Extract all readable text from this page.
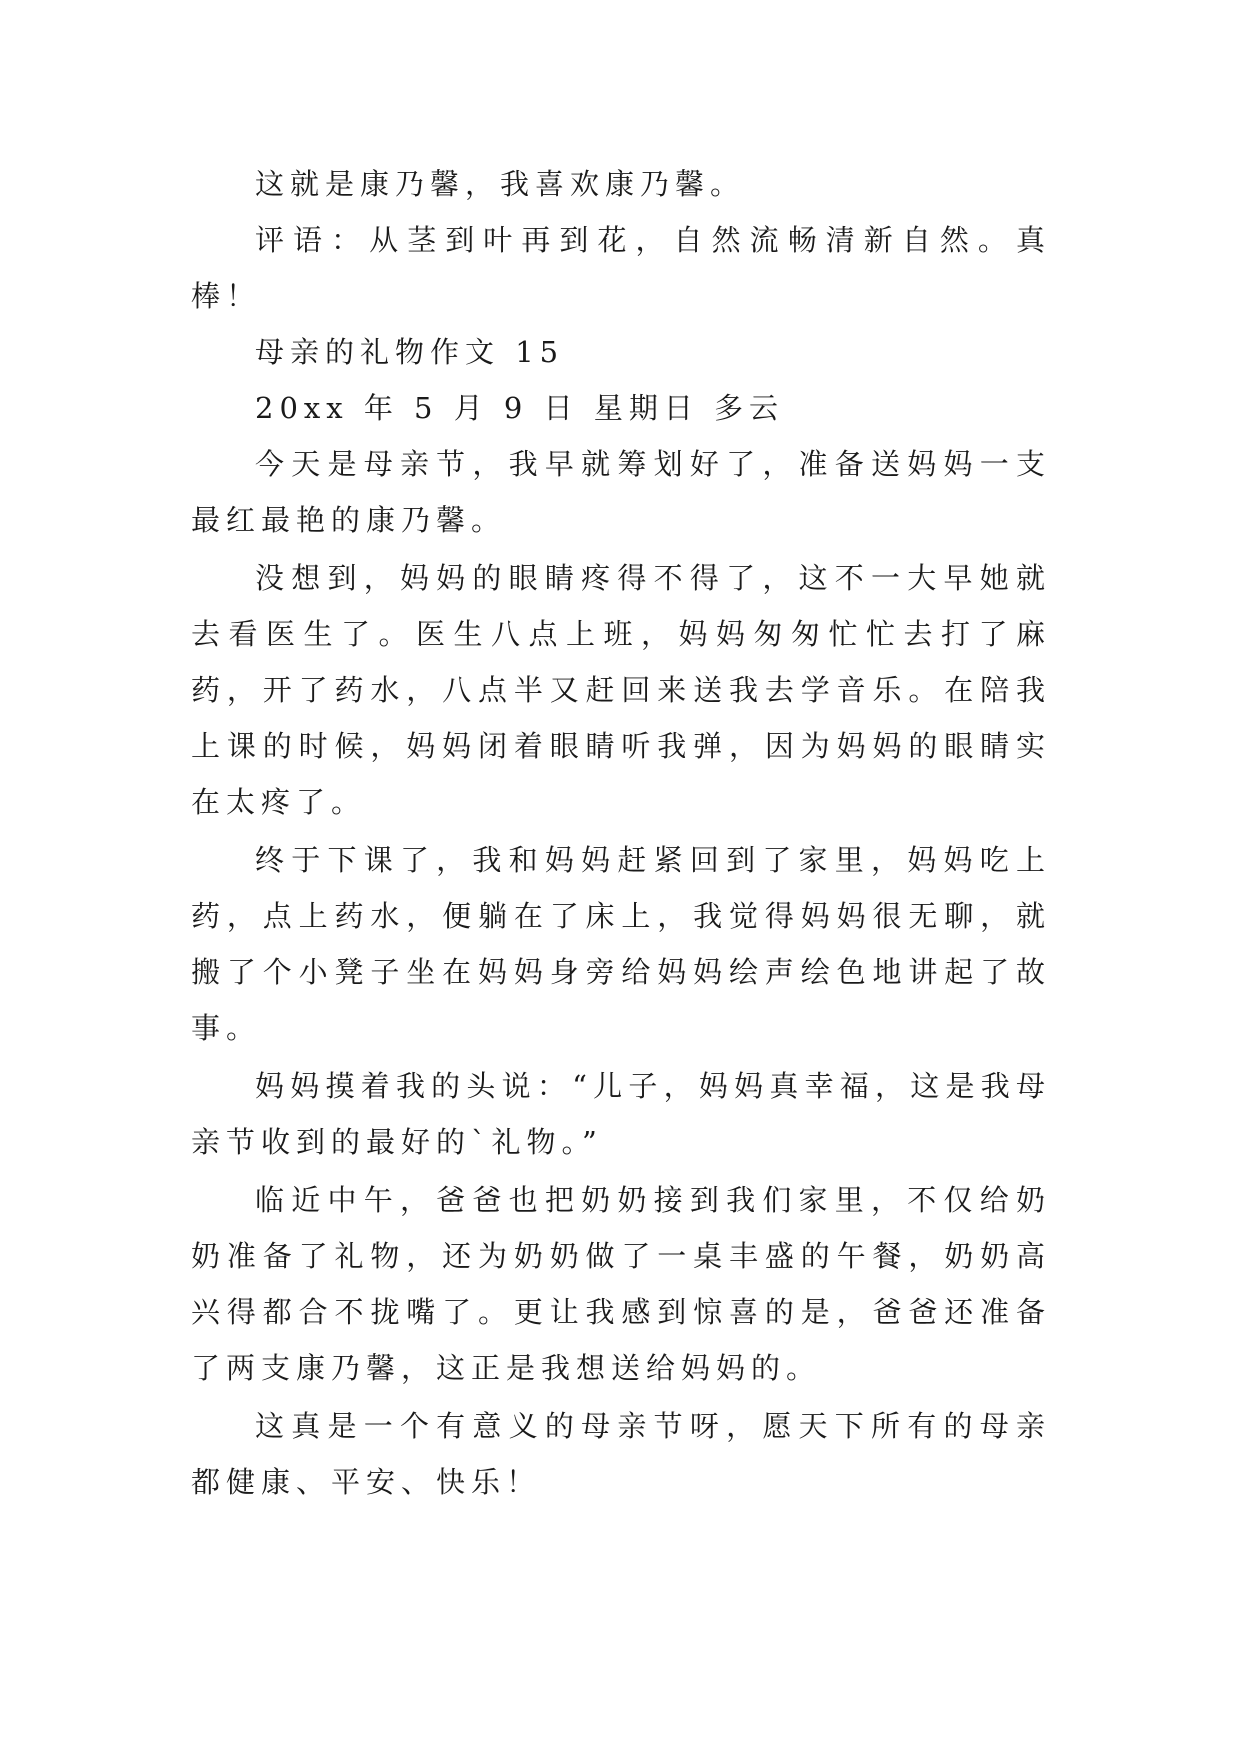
这就是康乃馨，我喜欢康乃馨。

评语：从茎到叶再到花，自然流畅清新自然。真棒！

母亲的礼物作文 15

20xx 年 5 月 9 日 星期日 多云

今天是母亲节，我早就筹划好了，准备送妈妈一支最红最艳的康乃馨。

没想到，妈妈的眼睛疼得不得了，这不一大早她就去看医生了。医生八点上班，妈妈匆匆忙忙去打了麻药，开了药水，八点半又赶回来送我去学音乐。在陪我上课的时候，妈妈闭着眼睛听我弹，因为妈妈的眼睛实在太疼了。

终于下课了，我和妈妈赶紧回到了家里，妈妈吃上药，点上药水，便躺在了床上，我觉得妈妈很无聊，就搬了个小凳子坐在妈妈身旁给妈妈绘声绘色地讲起了故事。

妈妈摸着我的头说：“儿子，妈妈真幸福，这是我母亲节收到的最好的`礼物。”

临近中午，爸爸也把奶奶接到我们家里，不仅给奶奶准备了礼物，还为奶奶做了一桌丰盛的午餐，奶奶高兴得都合不拢嘴了。更让我感到惊喜的是，爸爸还准备了两支康乃馨，这正是我想送给妈妈的。

这真是一个有意义的母亲节呀，愿天下所有的母亲都健康、平安、快乐！
